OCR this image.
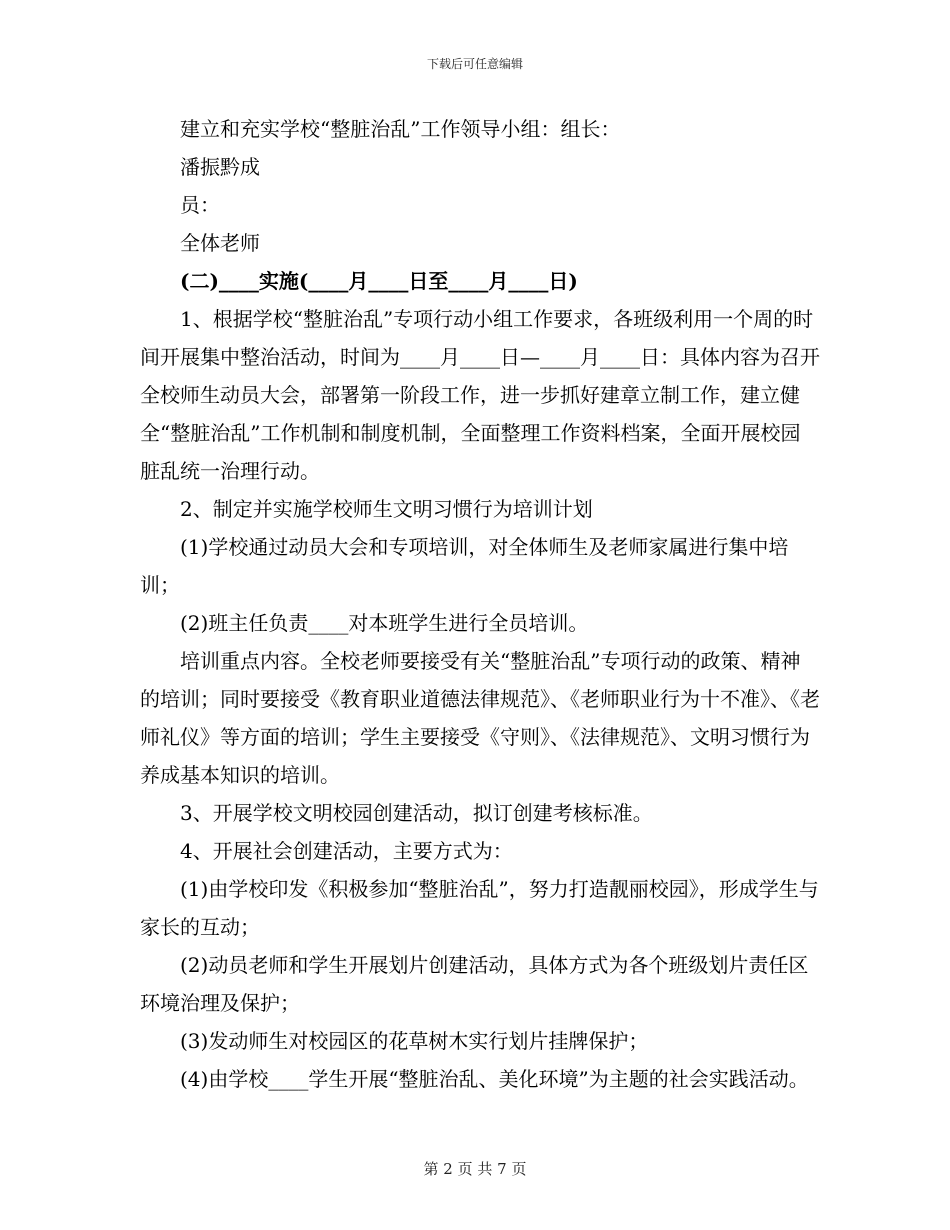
下载后可任意编辑

建立和充实学校“整脏治乱”工作领导小组：组长：

潘振黔成

员：

全体老师

(二)____实施(____月____日至____月____日)

1、根据学校“整脏治乱”专项行动小组工作要求，各班级利用一个周的时间开展集中整治活动，时间为____月____日—____月____日：具体内容为召开全校师生动员大会，部署第一阶段工作，进一步抓好建章立制工作，建立健全“整脏治乱”工作机制和制度机制，全面整理工作资料档案，全面开展校园脏乱统一治理行动。

2、制定并实施学校师生文明习惯行为培训计划

(1)学校通过动员大会和专项培训，对全体师生及老师家属进行集中培训；

(2)班主任负责____对本班学生进行全员培训。

培训重点内容。全校老师要接受有关“整脏治乱”专项行动的政策、精神的培训；同时要接受《教育职业道德法律规范》、《老师职业行为十不准》、《老师礼仪》等方面的培训；学生主要接受《守则》、《法律规范》、文明习惯行为养成基本知识的培训。

3、开展学校文明校园创建活动，拟订创建考核标准。

4、开展社会创建活动，主要方式为：

(1)由学校印发《积极参加“整脏治乱”，努力打造靓丽校园》，形成学生与家长的互动；

(2)动员老师和学生开展划片创建活动，具体方式为各个班级划片责任区环境治理及保护；

(3)发动师生对校园区的花草树木实行划片挂牌保护；

(4)由学校____学生开展“整脏治乱、美化环境”为主题的社会实践活动。

第 2 页 共 7 页
